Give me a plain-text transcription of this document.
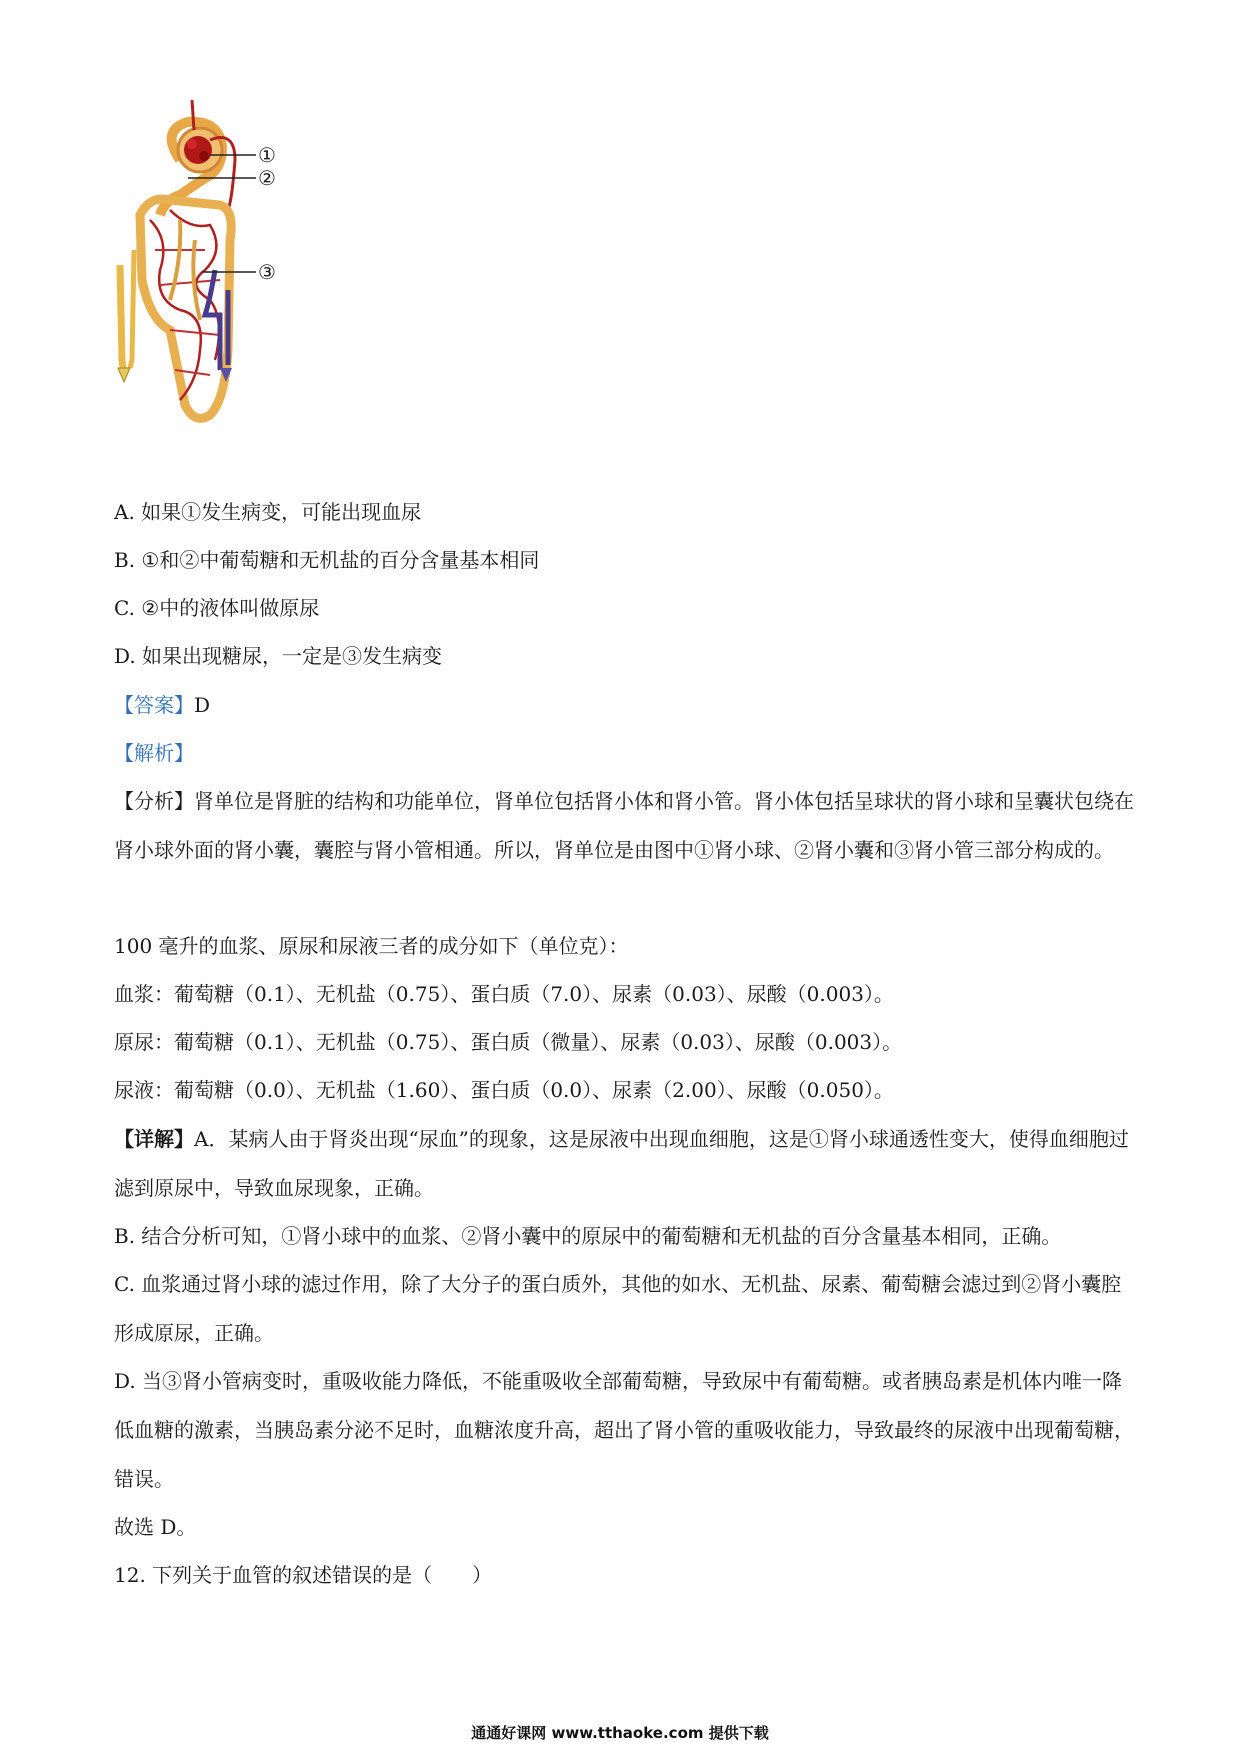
①
②
③

A. 如果①发生病变，可能出现血尿

B. ①和②中葡萄糖和无机盐的百分含量基本相同

C. ②中的液体叫做原尿

D. 如果出现糖尿，一定是③发生病变

【答案】D

【解析】

【分析】肾单位是肾脏的结构和功能单位，肾单位包括肾小体和肾小管。肾小体包括呈球状的肾小球和呈囊状包绕在肾小球外面的肾小囊，囊腔与肾小管相通。所以，肾单位是由图中①肾小球、②肾小囊和③肾小管三部分构成的。

100 毫升的血浆、原尿和尿液三者的成分如下（单位克）：

血浆：葡萄糖（0.1）、无机盐（0.75）、蛋白质（7.0）、尿素（0.03）、尿酸（0.003）。

原尿：葡萄糖（0.1）、无机盐（0.75）、蛋白质（微量）、尿素（0.03）、尿酸（0.003）。

尿液：葡萄糖（0.0）、无机盐（1.60）、蛋白质（0.0）、尿素（2.00）、尿酸（0.050）。

【详解】A．某病人由于肾炎出现“尿血”的现象，这是尿液中出现血细胞，这是①肾小球通透性变大，使得血细胞过滤到原尿中，导致血尿现象，正确。

B. 结合分析可知，①肾小球中的血浆、②肾小囊中的原尿中的葡萄糖和无机盐的百分含量基本相同，正确。

C. 血浆通过肾小球的滤过作用，除了大分子的蛋白质外，其他的如水、无机盐、尿素、葡萄糖会滤过到②肾小囊腔形成原尿，正确。

D. 当③肾小管病变时，重吸收能力降低，不能重吸收全部葡萄糖，导致尿中有葡萄糖。或者胰岛素是机体内唯一降低血糖的激素，当胰岛素分泌不足时，血糖浓度升高，超出了肾小管的重吸收能力，导致最终的尿液中出现葡萄糖，错误。

故选 D。

12. 下列关于血管的叙述错误的是（　　）

通通好课网 www.tthaoke.com 提供下载
